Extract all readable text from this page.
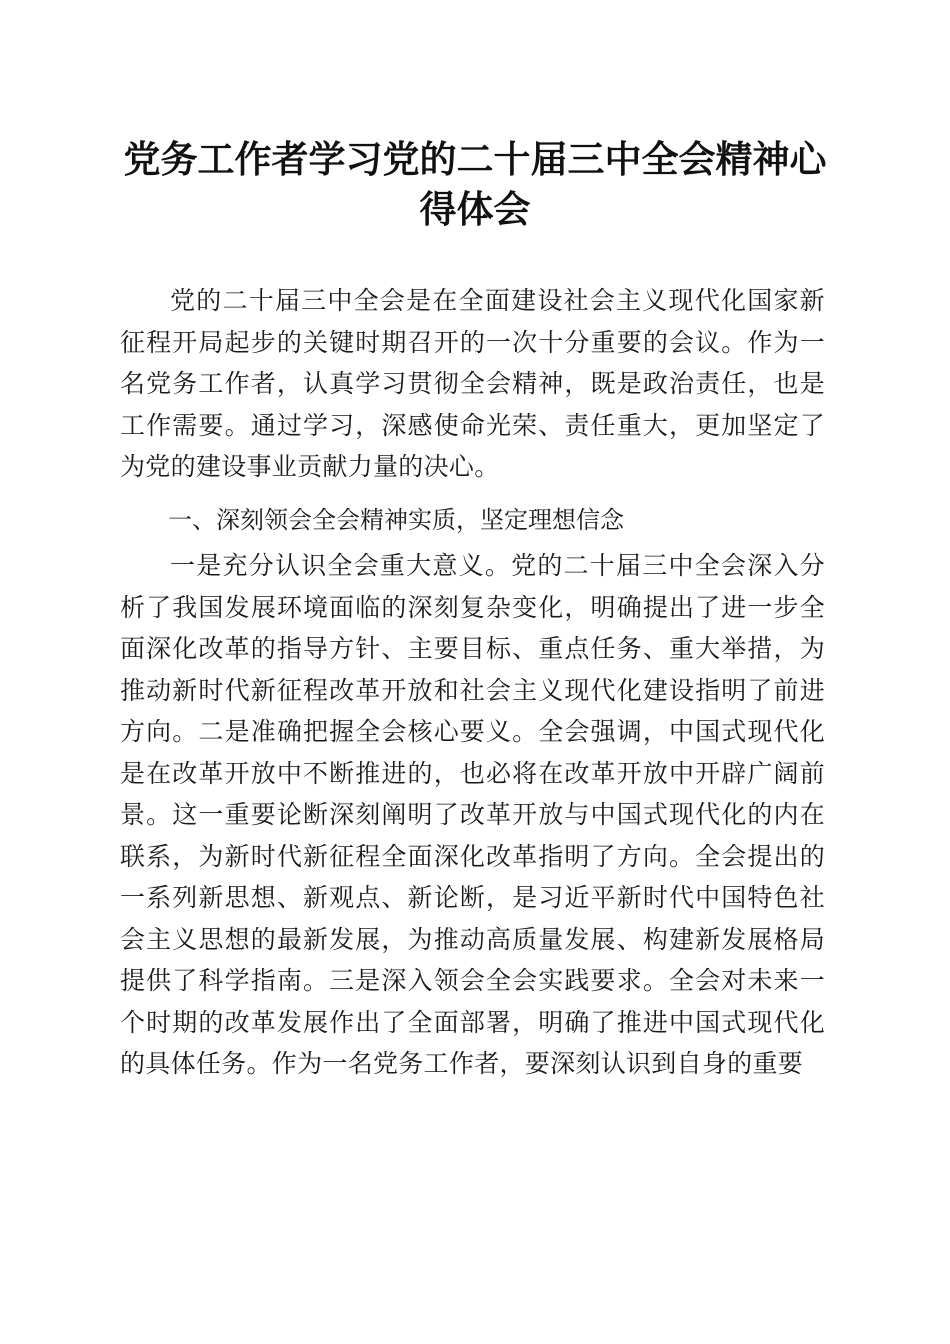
党务工作者学习党的二十届三中全会精神心得体会

党的二十届三中全会是在全面建设社会主义现代化国家新征程开局起步的关键时期召开的一次十分重要的会议。作为一名党务工作者，认真学习贯彻全会精神，既是政治责任，也是工作需要。通过学习，深感使命光荣、责任重大，更加坚定了为党的建设事业贡献力量的决心。

一、深刻领会全会精神实质，坚定理想信念

一是充分认识全会重大意义。党的二十届三中全会深入分析了我国发展环境面临的深刻复杂变化，明确提出了进一步全面深化改革的指导方针、主要目标、重点任务、重大举措，为推动新时代新征程改革开放和社会主义现代化建设指明了前进方向。二是准确把握全会核心要义。全会强调，中国式现代化是在改革开放中不断推进的，也必将在改革开放中开辟广阔前景。这一重要论断深刻阐明了改革开放与中国式现代化的内在联系，为新时代新征程全面深化改革指明了方向。全会提出的一系列新思想、新观点、新论断，是习近平新时代中国特色社会主义思想的最新发展，为推动高质量发展、构建新发展格局提供了科学指南。三是深入领会全会实践要求。全会对未来一个时期的改革发展作出了全面部署，明确了推进中国式现代化的具体任务。作为一名党务工作者，要深刻认识到自身的重要
